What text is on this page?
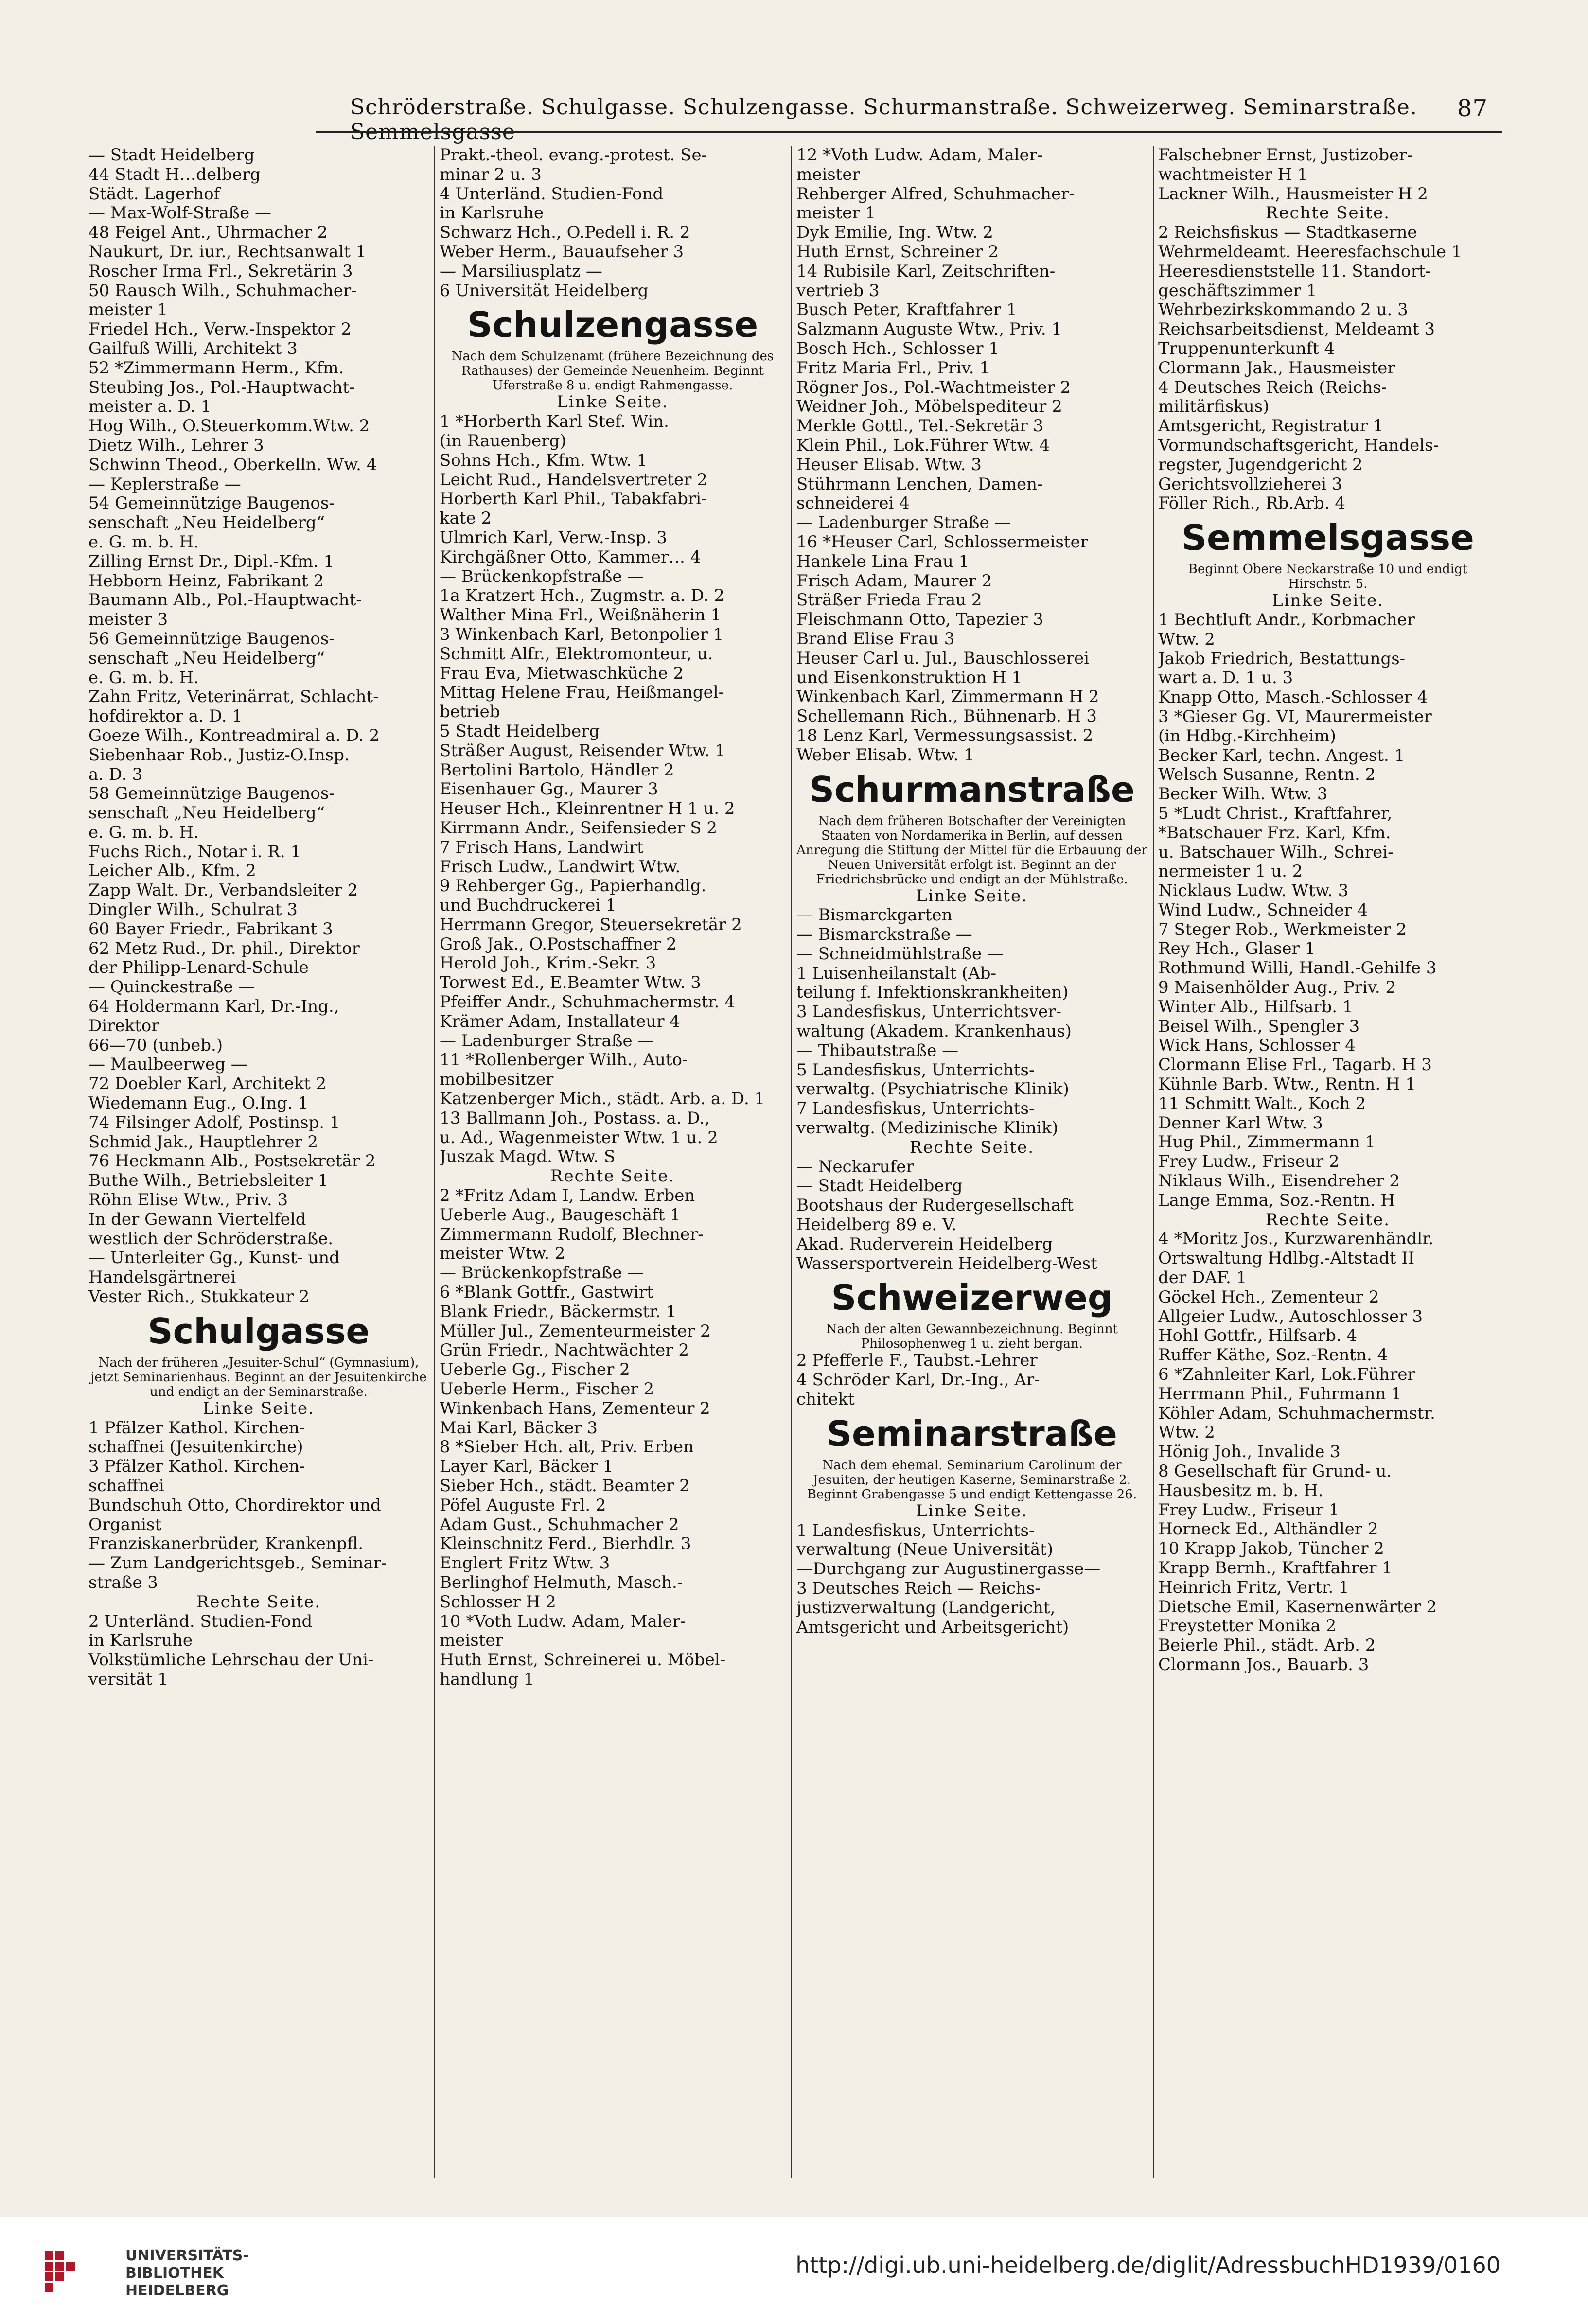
Schröderstraße. Schulgasse. Schulzengasse. Schurmanstraße. Schweizerweg. Seminarstraße. Semmelsgasse
87
— Stadt Heidelberg
44 Stadt H…delberg
Städt. Lagerhof
— Max-Wolf-Straße —
48 Feigel Ant., Uhrmacher 2
Naukurt, Dr. iur., Rechtsanwalt 1
Roscher Irma Frl., Sekretärin 3
50 Rausch Wilh., Schuhmacher-
meister 1
Friedel Hch., Verw.-Inspektor 2
Gailfuß Willi, Architekt 3
52 *Zimmermann Herm., Kfm.
Steubing Jos., Pol.-Hauptwacht-
meister a. D. 1
Hog Wilh., O.Steuerkomm.Wtw. 2
Dietz Wilh., Lehrer 3
Schwinn Theod., Oberkelln. Ww. 4
— Keplerstraße —
54 Gemeinnützige Baugenos-
senschaft „Neu Heidelberg“
e. G. m. b. H.
Zilling Ernst Dr., Dipl.-Kfm. 1
Hebborn Heinz, Fabrikant 2
Baumann Alb., Pol.-Hauptwacht-
meister 3
56 Gemeinnützige Baugenos-
senschaft „Neu Heidelberg“
e. G. m. b. H.
Zahn Fritz, Veterinärrat, Schlacht-
hofdirektor a. D. 1
Goeze Wilh., Kontreadmiral a. D. 2
Siebenhaar Rob., Justiz-O.Insp.
a. D. 3
58 Gemeinnützige Baugenos-
senschaft „Neu Heidelberg“
e. G. m. b. H.
Fuchs Rich., Notar i. R. 1
Leicher Alb., Kfm. 2
Zapp Walt. Dr., Verbandsleiter 2
Dingler Wilh., Schulrat 3
60 Bayer Friedr., Fabrikant 3
62 Metz Rud., Dr. phil., Direktor
der Philipp-Lenard-Schule
— Quinckestraße —
64 Holdermann Karl, Dr.-Ing.,
Direktor
66—70 (unbeb.)
— Maulbeerweg —
72 Doebler Karl, Architekt 2
Wiedemann Eug., O.Ing. 1
74 Filsinger Adolf, Postinsp. 1
Schmid Jak., Hauptlehrer 2
76 Heckmann Alb., Postsekretär 2
Buthe Wilh., Betriebsleiter 1
Röhn Elise Wtw., Priv. 3
In der Gewann Viertelfeld
westlich der Schröderstraße.
— Unterleiter Gg., Kunst- und
Handelsgärtnerei
Vester Rich., Stukkateur 2
Schulgasse
Nach der früheren „Jesuiter-Schul“ (Gymnasium), jetzt Seminarienhaus. Beginnt an der Jesuitenkirche und endigt an der Seminarstraße.
Linke Seite.
1 Pfälzer Kathol. Kirchen-
schaffnei (Jesuitenkirche)
3 Pfälzer Kathol. Kirchen-
schaffnei
Bundschuh Otto, Chordirektor und
Organist
Franziskanerbrüder, Krankenpfl.
— Zum Landgerichtsgeb., Seminar-
straße 3
Rechte Seite.
2 Unterländ. Studien-Fond
in Karlsruhe
Volkstümliche Lehrschau der Uni-
versität 1
Prakt.-theol. evang.-protest. Se-
minar 2 u. 3
4 Unterländ. Studien-Fond
in Karlsruhe
Schwarz Hch., O.Pedell i. R. 2
Weber Herm., Bauaufseher 3
— Marsiliusplatz —
6 Universität Heidelberg
Schulzengasse
Nach dem Schulzenamt (frühere Bezeichnung des Rathauses) der Gemeinde Neuenheim. Beginnt Uferstraße 8 u. endigt Rahmengasse.
Linke Seite.
1 *Horberth Karl Stef. Win.
(in Rauenberg)
Sohns Hch., Kfm. Wtw. 1
Leicht Rud., Handelsvertreter 2
Horberth Karl Phil., Tabakfabri-
kate 2
Ulmrich Karl, Verw.-Insp. 3
Kirchgäßner Otto, Kammer… 4
— Brückenkopfstraße —
1a Kratzert Hch., Zugmstr. a. D. 2
Walther Mina Frl., Weißnäherin 1
3 Winkenbach Karl, Betonpolier 1
Schmitt Alfr., Elektromonteur, u.
Frau Eva, Mietwaschküche 2
Mittag Helene Frau, Heißmangel-
betrieb
5 Stadt Heidelberg
Sträßer August, Reisender Wtw. 1
Bertolini Bartolo, Händler 2
Eisenhauer Gg., Maurer 3
Heuser Hch., Kleinrentner H 1 u. 2
Kirrmann Andr., Seifensieder S 2
7 Frisch Hans, Landwirt
Frisch Ludw., Landwirt Wtw.
9 Rehberger Gg., Papierhandlg.
und Buchdruckerei 1
Herrmann Gregor, Steuersekretär 2
Groß Jak., O.Postschaffner 2
Herold Joh., Krim.-Sekr. 3
Torwest Ed., E.Beamter Wtw. 3
Pfeiffer Andr., Schuhmachermstr. 4
Krämer Adam, Installateur 4
— Ladenburger Straße —
11 *Rollenberger Wilh., Auto-
mobilbesitzer
Katzenberger Mich., städt. Arb. a. D. 1
13 Ballmann Joh., Postass. a. D.,
u. Ad., Wagenmeister Wtw. 1 u. 2
Juszak Magd. Wtw. S
Rechte Seite.
2 *Fritz Adam I, Landw. Erben
Ueberle Aug., Baugeschäft 1
Zimmermann Rudolf, Blechner-
meister Wtw. 2
— Brückenkopfstraße —
6 *Blank Gottfr., Gastwirt
Blank Friedr., Bäckermstr. 1
Müller Jul., Zementeurmeister 2
Grün Friedr., Nachtwächter 2
Ueberle Gg., Fischer 2
Ueberle Herm., Fischer 2
Winkenbach Hans, Zementeur 2
Mai Karl, Bäcker 3
8 *Sieber Hch. alt, Priv. Erben
Layer Karl, Bäcker 1
Sieber Hch., städt. Beamter 2
Pöfel Auguste Frl. 2
Adam Gust., Schuhmacher 2
Kleinschnitz Ferd., Bierhdlr. 3
Englert Fritz Wtw. 3
Berlinghof Helmuth, Masch.-
Schlosser H 2
10 *Voth Ludw. Adam, Maler-
meister
Huth Ernst, Schreinerei u. Möbel-
handlung 1
12 *Voth Ludw. Adam, Maler-
meister
Rehberger Alfred, Schuhmacher-
meister 1
Dyk Emilie, Ing. Wtw. 2
Huth Ernst, Schreiner 2
14 Rubisile Karl, Zeitschriften-
vertrieb 3
Busch Peter, Kraftfahrer 1
Salzmann Auguste Wtw., Priv. 1
Bosch Hch., Schlosser 1
Fritz Maria Frl., Priv. 1
Rögner Jos., Pol.-Wachtmeister 2
Weidner Joh., Möbelspediteur 2
Merkle Gottl., Tel.-Sekretär 3
Klein Phil., Lok.Führer Wtw. 4
Heuser Elisab. Wtw. 3
Stührmann Lenchen, Damen-
schneiderei 4
— Ladenburger Straße —
16 *Heuser Carl, Schlossermeister
Hankele Lina Frau 1
Frisch Adam, Maurer 2
Sträßer Frieda Frau 2
Fleischmann Otto, Tapezier 3
Brand Elise Frau 3
Heuser Carl u. Jul., Bauschlosserei
und Eisenkonstruktion H 1
Winkenbach Karl, Zimmermann H 2
Schellemann Rich., Bühnenarb. H 3
18 Lenz Karl, Vermessungsassist. 2
Weber Elisab. Wtw. 1
Schurmanstraße
Nach dem früheren Botschafter der Vereinigten Staaten von Nordamerika in Berlin, auf dessen Anregung die Stiftung der Mittel für die Erbauung der Neuen Universität erfolgt ist. Beginnt an der Friedrichsbrücke und endigt an der Mühlstraße.
Linke Seite.
— Bismarckgarten
— Bismarckstraße —
— Schneidmühlstraße —
1 Luisenheilanstalt (Ab-
teilung f. Infektionskrankheiten)
3 Landesfiskus, Unterrichtsver-
waltung (Akadem. Krankenhaus)
— Thibautstraße —
5 Landesfiskus, Unterrichts-
verwaltg. (Psychiatrische Klinik)
7 Landesfiskus, Unterrichts-
verwaltg. (Medizinische Klinik)
Rechte Seite.
— Neckarufer
— Stadt Heidelberg
Bootshaus der Rudergesellschaft
Heidelberg 89 e. V.
Akad. Ruderverein Heidelberg
Wassersportverein Heidelberg-West
Schweizerweg
Nach der alten Gewannbezeichnung. Beginnt Philosophenweg 1 u. zieht bergan.
2 Pfefferle F., Taubst.-Lehrer
4 Schröder Karl, Dr.-Ing., Ar-
chitekt
Seminarstraße
Nach dem ehemal. Seminarium Carolinum der Jesuiten, der heutigen Kaserne, Seminarstraße 2. Beginnt Grabengasse 5 und endigt Kettengasse 26.
Linke Seite.
1 Landesfiskus, Unterrichts-
verwaltung (Neue Universität)
—Durchgang zur Augustinergasse—
3 Deutsches Reich — Reichs-
justizverwaltung (Landgericht,
Amtsgericht und Arbeitsgericht)
Falschebner Ernst, Justizober-
wachtmeister H 1
Lackner Wilh., Hausmeister H 2
Rechte Seite.
2 Reichsfiskus — Stadtkaserne
Wehrmeldeamt. Heeresfachschule 1
Heeresdienststelle 11. Standort-
geschäftszimmer 1
Wehrbezirkskommando 2 u. 3
Reichsarbeitsdienst, Meldeamt 3
Truppenunterkunft 4
Clormann Jak., Hausmeister
4 Deutsches Reich (Reichs-
militärfiskus)
Amtsgericht, Registratur 1
Vormundschaftsgericht, Handels-
regster, Jugendgericht 2
Gerichtsvollzieherei 3
Föller Rich., Rb.Arb. 4
Semmelsgasse
Beginnt Obere Neckarstraße 10 und endigt Hirschstr. 5.
Linke Seite.
1 Bechtluft Andr., Korbmacher
Wtw. 2
Jakob Friedrich, Bestattungs-
wart a. D. 1 u. 3
Knapp Otto, Masch.-Schlosser 4
3 *Gieser Gg. VI, Maurermeister
(in Hdbg.-Kirchheim)
Becker Karl, techn. Angest. 1
Welsch Susanne, Rentn. 2
Becker Wilh. Wtw. 3
5 *Ludt Christ., Kraftfahrer,
*Batschauer Frz. Karl, Kfm.
u. Batschauer Wilh., Schrei-
nermeister 1 u. 2
Nicklaus Ludw. Wtw. 3
Wind Ludw., Schneider 4
7 Steger Rob., Werkmeister 2
Rey Hch., Glaser 1
Rothmund Willi, Handl.-Gehilfe 3
9 Maisenhölder Aug., Priv. 2
Winter Alb., Hilfsarb. 1
Beisel Wilh., Spengler 3
Wick Hans, Schlosser 4
Clormann Elise Frl., Tagarb. H 3
Kühnle Barb. Wtw., Rentn. H 1
11 Schmitt Walt., Koch 2
Denner Karl Wtw. 3
Hug Phil., Zimmermann 1
Frey Ludw., Friseur 2
Niklaus Wilh., Eisendreher 2
Lange Emma, Soz.-Rentn. H
Rechte Seite.
4 *Moritz Jos., Kurzwarenhändlr.
Ortswaltung Hdlbg.-Altstadt II
der DAF. 1
Göckel Hch., Zementeur 2
Allgeier Ludw., Autoschlosser 3
Hohl Gottfr., Hilfsarb. 4
Ruffer Käthe, Soz.-Rentn. 4
6 *Zahnleiter Karl, Lok.Führer
Herrmann Phil., Fuhrmann 1
Köhler Adam, Schuhmachermstr.
Wtw. 2
Hönig Joh., Invalide 3
8 Gesellschaft für Grund- u.
Hausbesitz m. b. H.
Frey Ludw., Friseur 1
Horneck Ed., Althändler 2
10 Krapp Jakob, Tüncher 2
Krapp Bernh., Kraftfahrer 1
Heinrich Fritz, Vertr. 1
Dietsche Emil, Kasernenwärter 2
Freystetter Monika 2
Beierle Phil., städt. Arb. 2
Clormann Jos., Bauarb. 3
UNIVERSITÄTS-
BIBLIOTHEK
HEIDELBERG
http://digi.ub.uni-heidelberg.de/diglit/AdressbuchHD1939/0160
